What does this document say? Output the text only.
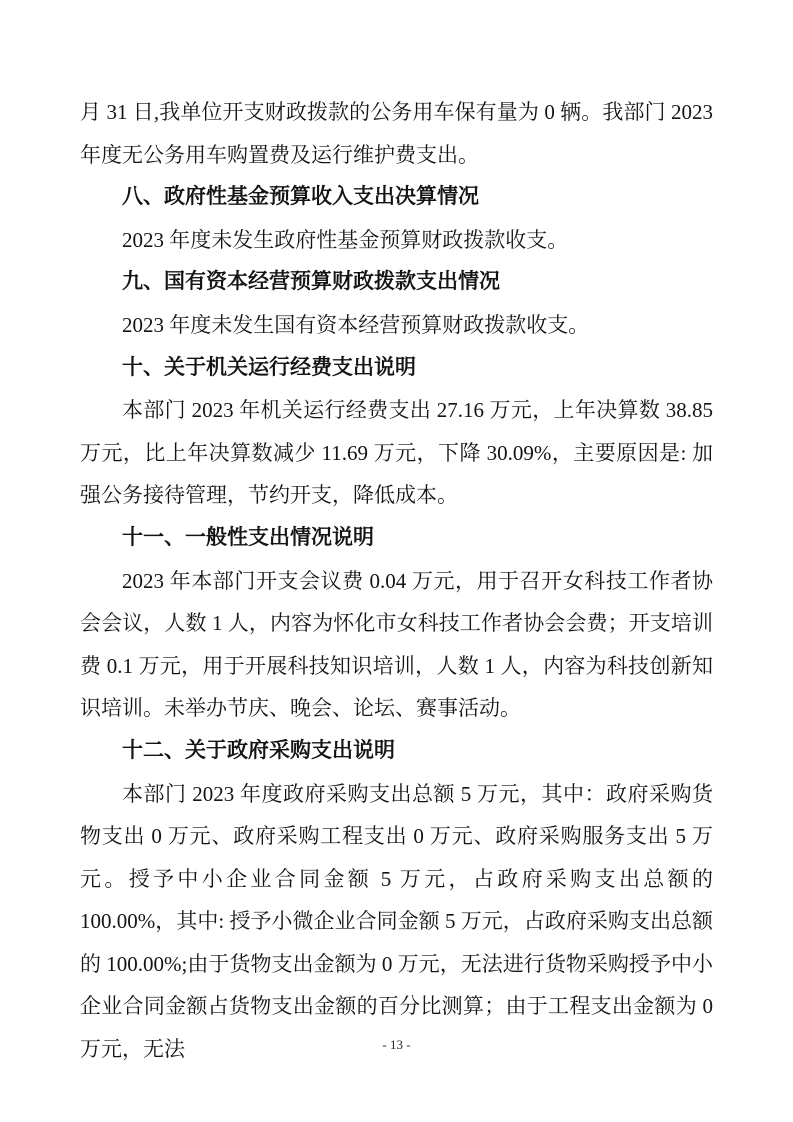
月 31 日,我单位开支财政拨款的公务用车保有量为 0 辆。我部门 2023 年度无公务用车购置费及运行维护费支出。

八、政府性基金预算收入支出决算情况

2023 年度未发生政府性基金预算财政拨款收支。

九、国有资本经营预算财政拨款支出情况

2023 年度未发生国有资本经营预算财政拨款收支。

十、关于机关运行经费支出说明

本部门 2023 年机关运行经费支出 27.16 万元，上年决算数 38.85 万元，比上年决算数减少 11.69 万元，下降 30.09%，主要原因是: 加强公务接待管理，节约开支，降低成本。

十一、一般性支出情况说明

2023 年本部门开支会议费 0.04 万元，用于召开女科技工作者协会会议，人数 1 人，内容为怀化市女科技工作者协会会费；开支培训费 0.1 万元，用于开展科技知识培训，人数 1 人，内容为科技创新知识培训。未举办节庆、晚会、论坛、赛事活动。

十二、关于政府采购支出说明

本部门 2023 年度政府采购支出总额 5 万元，其中：政府采购货物支出 0 万元、政府采购工程支出 0 万元、政府采购服务支出 5 万元。授予中小企业合同金额 5 万元，占政府采购支出总额的 100.00%，其中: 授予小微企业合同金额 5 万元，占政府采购支出总额的 100.00%;由于货物支出金额为 0 万元，无法进行货物采购授予中小企业合同金额占货物支出金额的百分比测算；由于工程支出金额为 0 万元，无法	- 13 -
